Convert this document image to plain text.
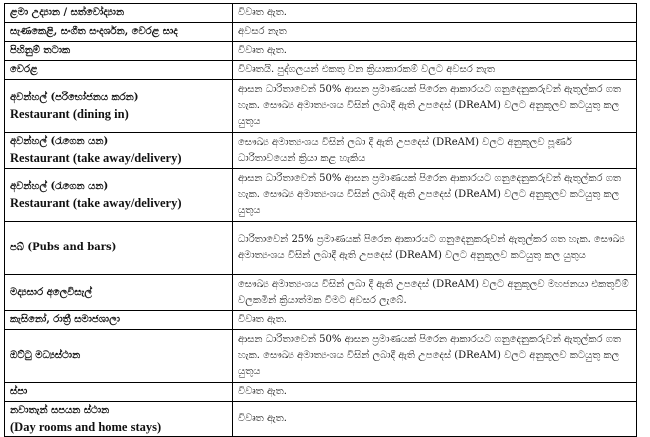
ළමා උද්‍යාන / සත්වෝද්‍යාන	විවෘත ඇත.

සැණකෙළි, සංගීත සංදර්ශන, වෙරළ සාද	අවසර නැත

පිහිනුම් තටාක	විවෘත ඇත.

වෙරළ	විවෘතයි. පුද්ගලයන් එකතු වන ක්‍රියාකාරකම් වලට අවසර නැත

අවන්හල් (පරිභෝජනය කරන)
Restaurant (dining in)	ආසන ධාරිතාවෙන් 50% ආසන ප්‍රමාණයක් පිරෙන ආකාරයට ගනුදෙනුකරුවන් ඇතුල්කර ගත හැක. සෞඛ්‍ය අමාත්‍යංශය විසින් ලබාදී ඇති උපදෙස් (DReAM) වලට අනුකූලව කටයුතු කල යුතුය

අවන්හල් (රැගෙන යන)
Restaurant (take away/delivery)	සෞඛ්‍ය අමාත්‍යංශය විසින් ලබා දී ඇති උපදෙස් (DReAM) වලට අනුකූලව පූර්ණ ධාරිතාවයෙන් ක්‍රියා කළ හැකිය

අවන්හල් (රැගෙන යන)
Restaurant (take away/delivery)	ආසන ධාරිතාවෙන් 50% ආසන ප්‍රමාණයක් පිරෙන ආකාරයට ගනුදෙනුකරුවන් ඇතුල්කර ගත හැක. සෞඛ්‍ය අමාත්‍යංශය විසින් ලබාදී ඇති උපදෙස් (DReAM) වලට අනුකූලව කටයුතු කල යුතුය

පබ් (Pubs and bars)	ධාරිතාවෙන් 25% ප්‍රමාණයක් පිරෙන ආකාරයට ගනුදෙනුකරුවන් ඇතුල්කර ගත හැක. සෞඛ්‍ය අමාත්‍යංශය විසින් ලබාදී ඇති උපදෙස් (DReAM) වලට අනුකූලව කටයුතු කල යුතුය

මද්‍යසාර අලෙවිසැල්	සෞඛ්‍ය අමාත්‍යංශය විසින් ලබා දී ඇති උපදෙස් (DReAM) වලට අනුකූලව මහජනයා එකතුවීම් වලකමින් ක්‍රියාත්මක වීමට අවසර ලැබේ.

කැසිනෝ, රාත්‍රී සමාජශාලා	විවෘත ඇත.

ඔට්ටු මධ්‍යස්ථාන	ආසන ධාරිතාවෙන් 50% ආසන ප්‍රමාණයක් පිරෙන ආකාරයට ගනුදෙනුකරුවන් ඇතුල්කර ගත හැක. සෞඛ්‍ය අමාත්‍යංශය විසින් ලබාදී ඇති උපදෙස් (DReAM) වලට අනුකූලව කටයුතු කල යුතුය

ස්පා	විවෘත ඇත.

නවාතැන් සපයන ස්ථාන
(Day rooms and home stays)	විවෘත ඇත.
